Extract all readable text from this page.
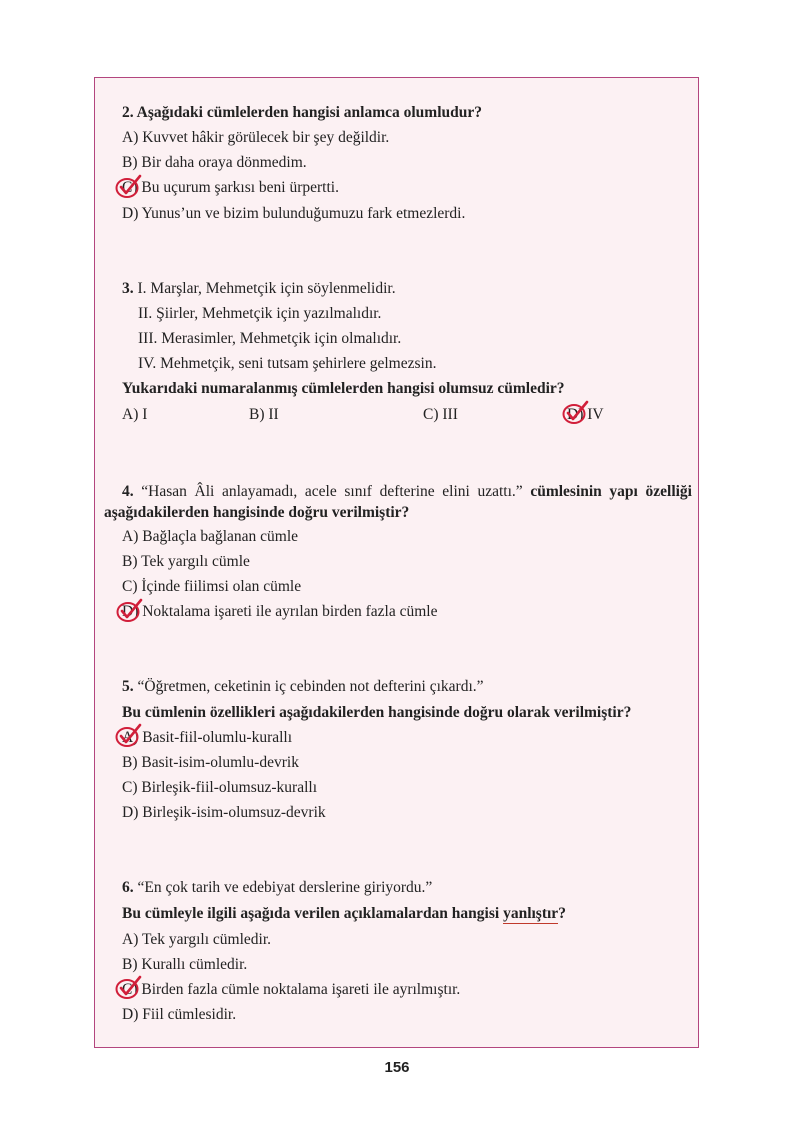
2. Aşağıdaki cümlelerden hangisi anlamca olumludur?
A) Kuvvet hâkir görülecek bir şey değildir.
B) Bir daha oraya dönmedim.
C) Bu uçurum şarkısı beni ürpertti.
D) Yunus’un ve bizim bulunduğumuzu fark etmezlerdi.
3. I. Marşlar, Mehmetçik için söylenmelidir.
II. Şiirler, Mehmetçik için yazılmalıdır.
III. Merasimler, Mehmetçik için olmalıdır.
IV. Mehmetçik, seni tutsam şehirlere gelmezsin.
Yukarıdaki numaralanmış cümlelerden hangisi olumsuz cümledir?
A) I	B) II	C) III	D) IV
4. “Hasan Âli anlayamadı, acele sınıf defterine elini uzattı.” cümlesinin yapı özelliği aşağıdakilerden hangisinde doğru verilmiştir?
A) Bağlaçla bağlanan cümle
B) Tek yargılı cümle
C) İçinde fiilimsi olan cümle
D) Noktalama işareti ile ayrılan birden fazla cümle
5. “Öğretmen, ceketinin iç cebinden not defterini çıkardı.”
Bu cümlenin özellikleri aşağıdakilerden hangisinde doğru olarak verilmiştir?
A) Basit-fiil-olumlu-kurallı
B) Basit-isim-olumlu-devrik
C) Birleşik-fiil-olumsuz-kurallı
D) Birleşik-isim-olumsuz-devrik
6. “En çok tarih ve edebiyat derslerine giriyordu.”
Bu cümleyle ilgili aşağıda verilen açıklamalardan hangisi yanlıştır?
A) Tek yargılı cümledir.
B) Kurallı cümledir.
C) Birden fazla cümle noktalama işareti ile ayrılmıştır.
D) Fiil cümlesidir.
156
